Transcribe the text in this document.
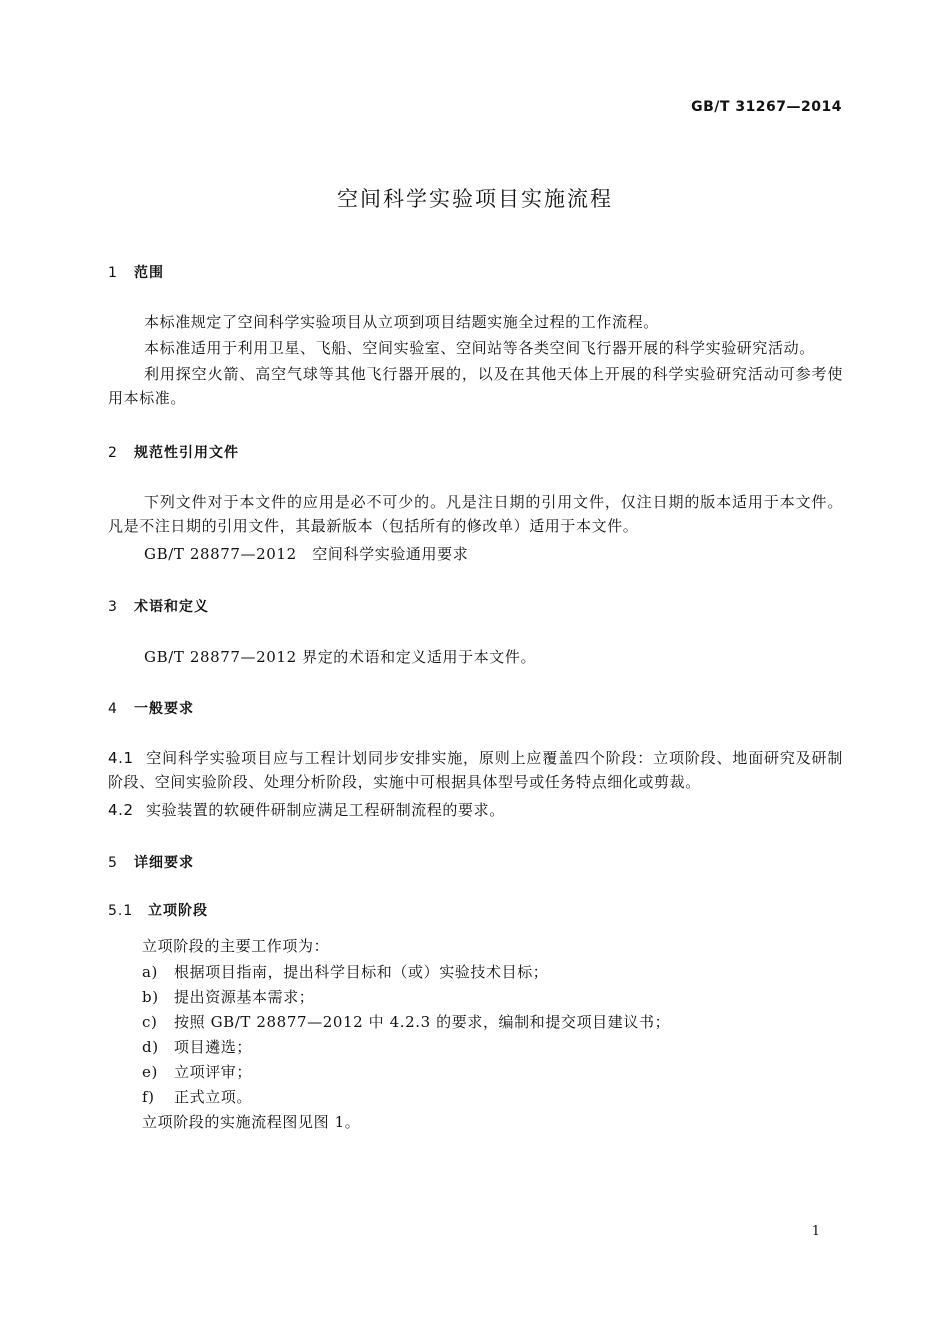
GB/T 31267—2014
空间科学实验项目实施流程
1 范围
本标准规定了空间科学实验项目从立项到项目结题实施全过程的工作流程。
本标准适用于利用卫星、飞船、空间实验室、空间站等各类空间飞行器开展的科学实验研究活动。
利用探空火箭、高空气球等其他飞行器开展的，以及在其他天体上开展的科学实验研究活动可参考使用本标准。
2 规范性引用文件
下列文件对于本文件的应用是必不可少的。凡是注日期的引用文件，仅注日期的版本适用于本文件。凡是不注日期的引用文件，其最新版本（包括所有的修改单）适用于本文件。
GB/T 28877—2012　空间科学实验通用要求
3 术语和定义
GB/T 28877—2012 界定的术语和定义适用于本文件。
4 一般要求
4.1 空间科学实验项目应与工程计划同步安排实施，原则上应覆盖四个阶段：立项阶段、地面研究及研制阶段、空间实验阶段、处理分析阶段，实施中可根据具体型号或任务特点细化或剪裁。
4.2 实验装置的软硬件研制应满足工程研制流程的要求。
5 详细要求
5.1 立项阶段
立项阶段的主要工作项为：
a) 根据项目指南，提出科学目标和（或）实验技术目标；
b) 提出资源基本需求；
c) 按照 GB/T 28877—2012 中 4.2.3 的要求，编制和提交项目建议书；
d) 项目遴选；
e) 立项评审；
f) 正式立项。
立项阶段的实施流程图见图 1。
1
